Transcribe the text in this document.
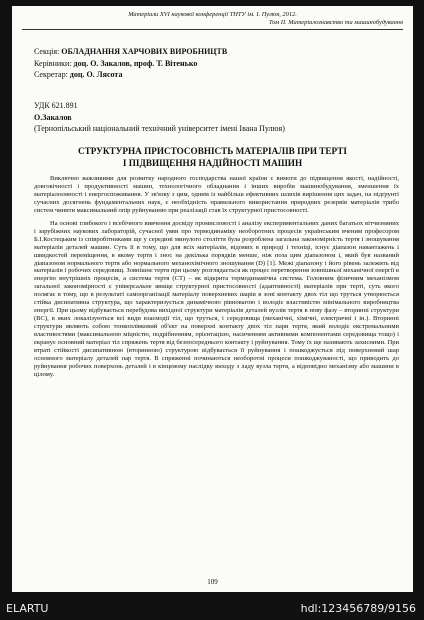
Матеріали XVI наукової конференції ТНТУ ім. І. Пулюя, 2012.
Том II. Матеріалознавство та машинобудування
Секція: ОБЛАДНАННЯ ХАРЧОВИХ ВИРОБНИЦТВ
Керівники: доц. О. Закалов, проф. Т. Вітенько
Секретар: доц. О. Лясота
УДК 621.891
О.Закалов
(Тернопільський національний технічний університет імені Івана Пулюя)
СТРУКТУРНА ПРИСТОСОВНІСТЬ МАТЕРІАЛІВ ПРИ ТЕРТІ
І ПІДВИЩЕННЯ НАДІЙНОСТІ МАШИН

Виключно важливими для розвитку народного господарства нашої країни є вимоги до підвищення якості, надійності, довговічності і продуктивності машин, технологічного обладнання і інших виробів машинобудування, зменшення їх матеріалоємності і енергоспоживання. У зв'язку з цим, одним із найбільш ефективних шляхів вирішення цих задач, на підґрунті сучасних досягнень фундаментальних наук, є необхідність правильного використання природних резервів матеріалів трибо систем чинити максимальний опір руйнуванню при реалізації став їх структурної пристосовності.

На основі глибокого і всебічного вивчення досвіду промисловості і аналізу експериментальних даних багатьох вітчизняних і зарубіжних наукових лабораторій, сучасної уяви про термодинаміку необоротних процесів українським вченим професором Б.І.Костецьким із співробітниками ще у середині минулого століття була розроблена загальна закономірність тертя і зношування матеріалів деталей машин. Суть її в тому, що для всіх матеріалів, відомих в природі і техніці, існує діапазон навантажень і швидкостей переміщення, в якому тертя і знос на декілька порядків менше, ніж поза цим діапазоном і, який був названий діапазоном нормального тертя або нормального механохімічного зношування (D) [1]. Межі діапазону і його рівень залежить від матеріалів і робочих середовищ. Зовнішнє тертя при цьому розглядається як процес перетворення зовнішньої механічної енергії в енергію внутрішніх процесів, а система тертя (СТ) – як відкрита термодинамічна система. Головним фізичним механізмом загальної закономірності є універсальне явище структурної пристосовності (адаптивності) матеріалів при терті, суть якого полягає в тому, що в результаті самоорганізації матеріалу поверхневих шарів в зоні контакту двох тіл що труться утворюється стійка дисипативна структура, що характеризується динамічною рівновагою і володіє властивістю мінімального виробництва енергії. При цьому відбувається перебудова вихідної структури матеріалів деталей вузлів тертя в нову фазу – вторинні структури (ВС), в яких локалізуються всі види взаємодії тіл, що труться, і середовища (механічні, хімічні, електричні і ін.). Вторинні структури являють собою тонкоплівковий об'єкт на поверхні контакту двох тіл пари тертя, який володіє екстремальними властивостями (максимальною міцністю, подрібненням, орієнтацією, насиченням активними компонентами середовища тощо) і екранує основний матеріал тіл спряжень тертя від безпосереднього контакту і руйнування. Тому їх ще називають захисними. При втраті стійкості дисипативною (вторинною) структурою відбувається її руйнування і пошкоджується під поверхневий шар основного матеріалу деталей пар тертя. В спряженні починаються необоротні процеси пошкоджуваності, що приводить до руйнування робочих поверхонь деталей і в кінцевому наслідку виходу з ладу вузла тертя, а відповідно механізму або машини в цілому.

109
ELARTU	hdl:123456789/9156
